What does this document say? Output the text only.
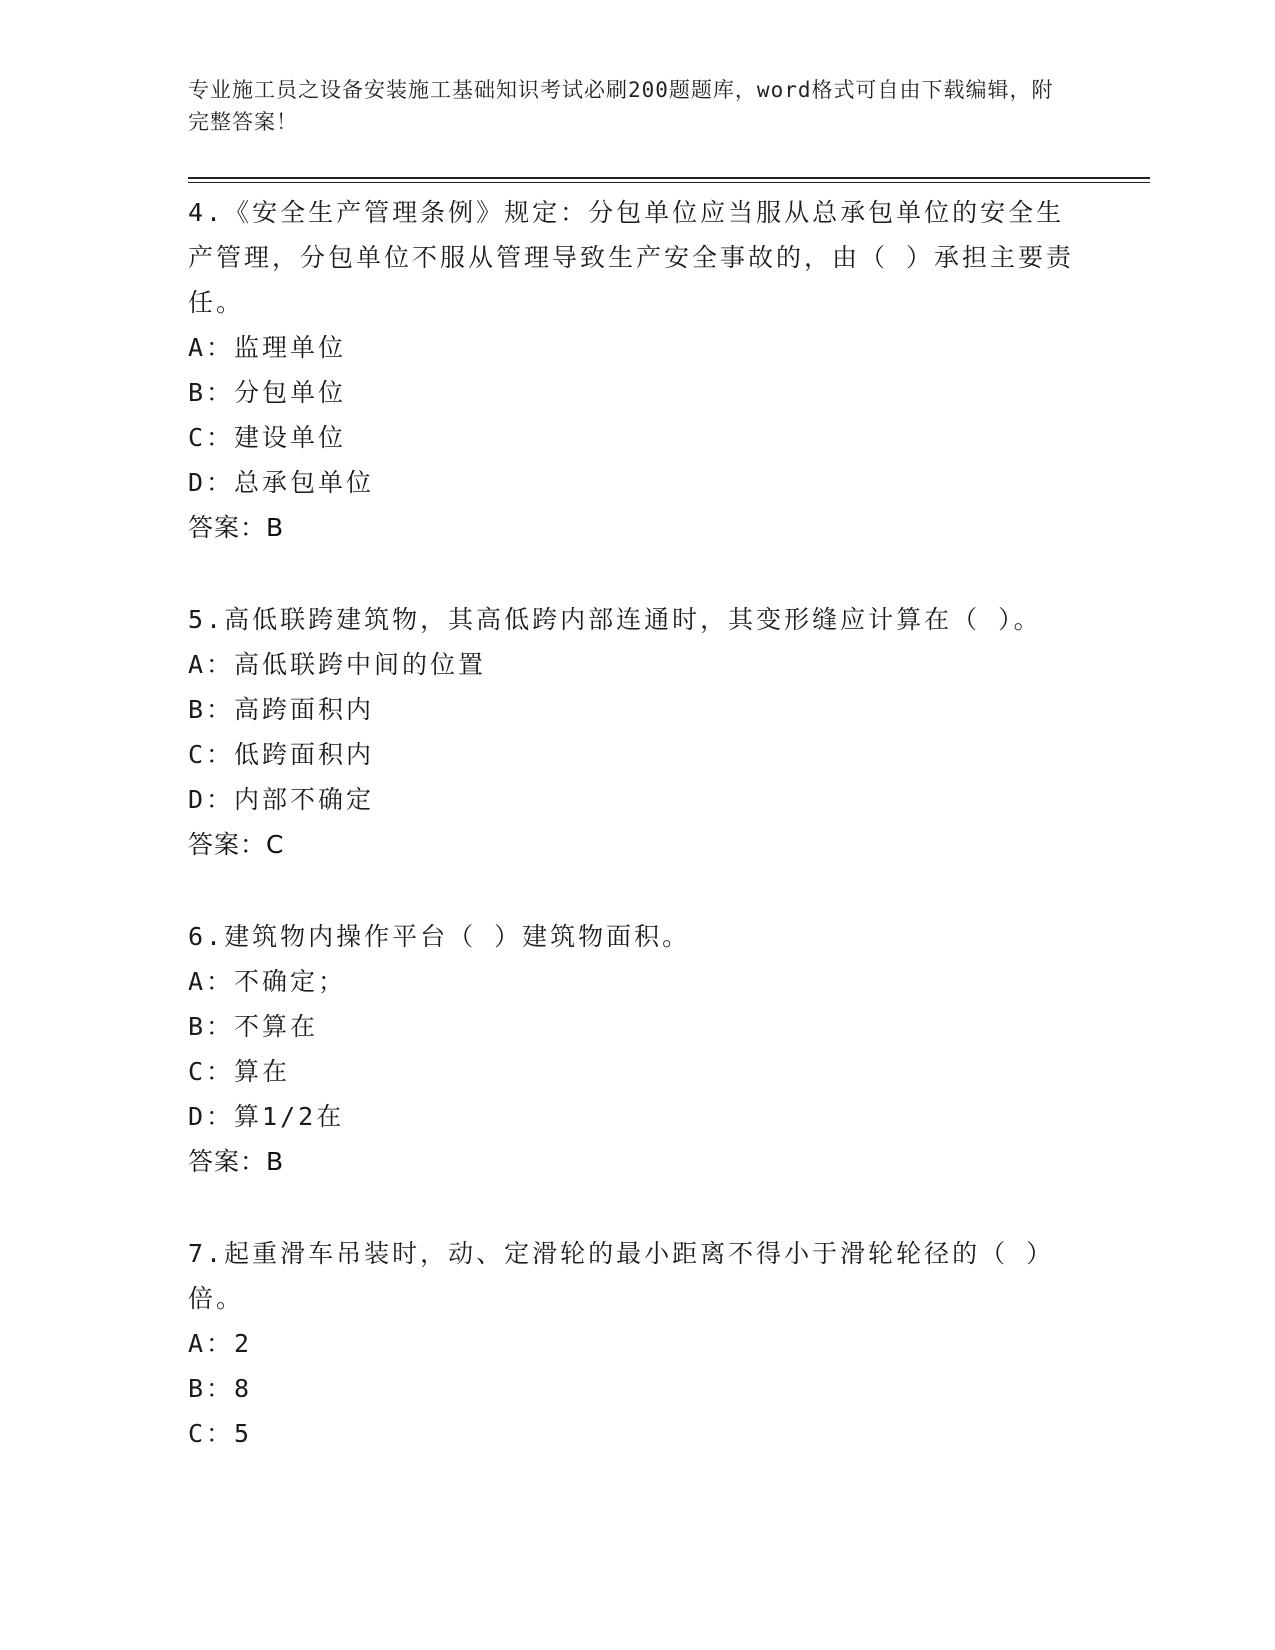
专业施工员之设备安装施工基础知识考试必刷200题题库，word格式可自由下载编辑，附完整答案！

4.《安全生产管理条例》规定：分包单位应当服从总承包单位的安全生产管理，分包单位不服从管理导致生产安全事故的，由（ ）承担主要责任。

A：监理单位

B：分包单位

C：建设单位

D：总承包单位

答案：B

5.高低联跨建筑物，其高低跨内部连通时，其变形缝应计算在（ ）。

A：高低联跨中间的位置

B：高跨面积内

C：低跨面积内

D：内部不确定

答案：C

6.建筑物内操作平台（ ）建筑物面积。

A：不确定；

B：不算在

C：算在

D：算1/2在

答案：B

7.起重滑车吊装时，动、定滑轮的最小距离不得小于滑轮轮径的（ ）倍。

A：2

B：8

C：5
